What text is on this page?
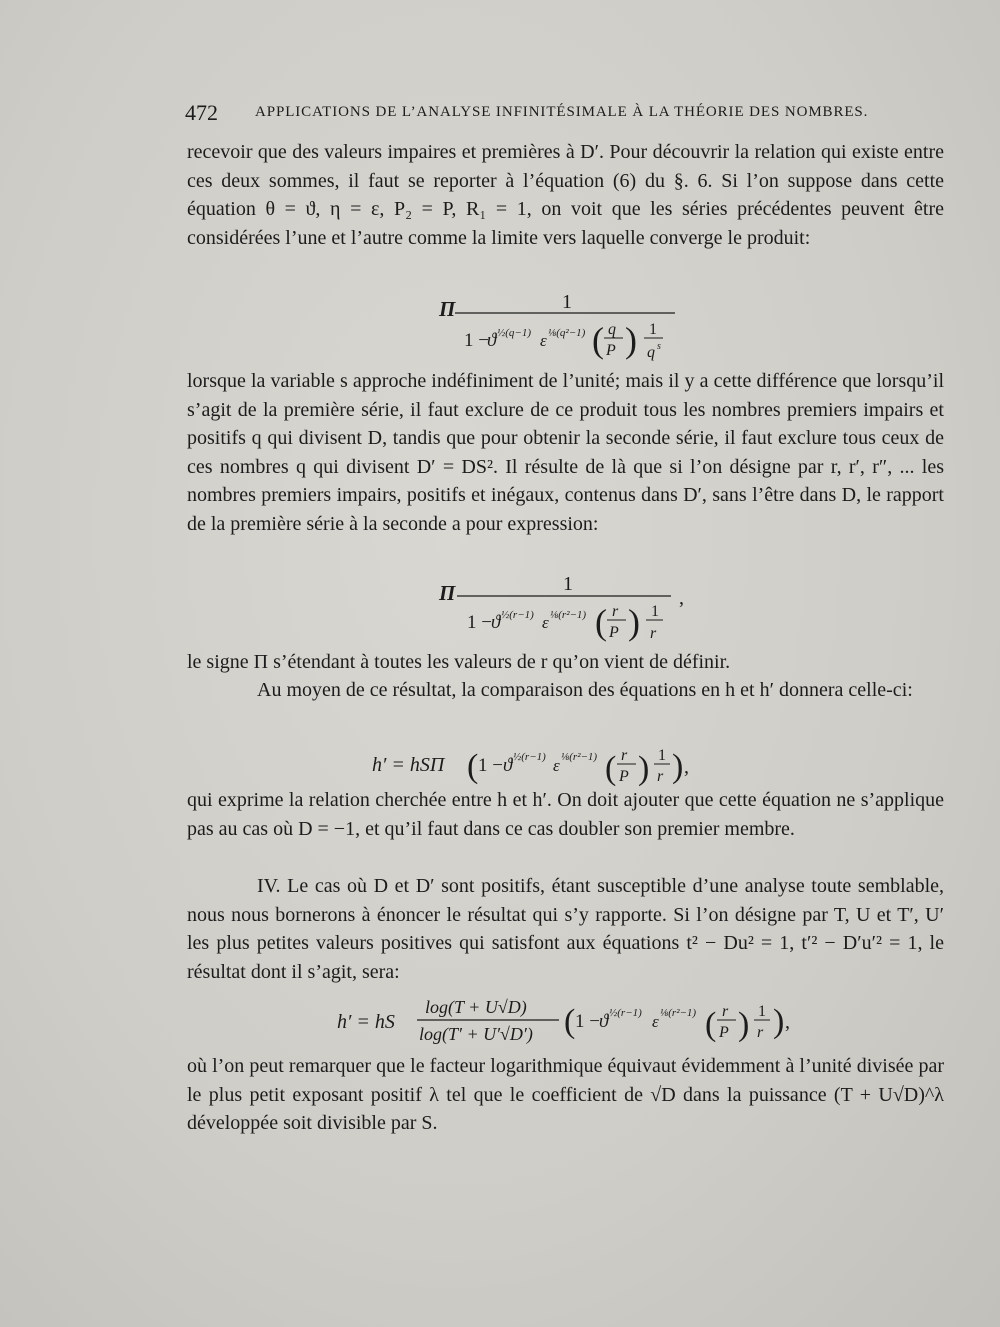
472 APPLICATIONS DE L’ANALYSE INFINITÉSIMALE À LA THÉORIE DES NOMBRES.

recevoir que des valeurs impaires et premières à D′. Pour découvrir la relation qui existe entre ces deux sommes, il faut se reporter à l’équation (6) du §. 6. Si l’on suppose dans cette équation θ = ϑ, η = ε, P₂ = P, R₁ = 1, on voit que les séries précédentes peuvent être considérées l’une et l’autre comme la limite vers laquelle converge le produit:

Π	1
1 −
ϑ ½(q−1) ε ⅛(q²−1) ( q
P ) 1
q s

lorsque la variable s approche indéfiniment de l’unité; mais il y a cette différence que lorsqu’il s’agit de la première série, il faut exclure de ce produit tous les nombres premiers impairs et positifs q qui divisent D, tandis que pour obtenir la seconde série, il faut exclure tous ceux de ces nombres q qui divisent D′ = DS². Il résulte de là que si l’on désigne par r, r′, r″, ... les nombres premiers impairs, positifs et inégaux, contenus dans D′, sans l’être dans D, le rapport de la première série à la seconde a pour expression:

Π	1
1 − ϑ ½(r−1) ε ⅛(r²−1) ( r
P ) 1
r
,

le signe Π s’étendant à toutes les valeurs de r qu’on vient de définir.

Au moyen de ce résultat, la comparaison des équations en h et h′ donnera celle-ci:

h′ = hSΠ ( 1 − ϑ ½(r−1) ε ⅛(r²−1) ( r
P ) 1
r ) ,

qui exprime la relation cherchée entre h et h′. On doit ajouter que cette équation ne s’applique pas au cas où D = −1, et qu’il faut dans ce cas doubler son premier membre.

IV. Le cas où D et D′ sont positifs, étant susceptible d’une analyse toute semblable, nous nous bornerons à énoncer le résultat qui s’y rapporte. Si l’on désigne par T, U et T′, U′ les plus petites valeurs positives qui satisfont aux équations t² − Du² = 1, t′² − D′u′² = 1, le résultat dont il s’agit, sera:

h′ = hS
log(T + U√D)
log(T′ + U′√D′) ( 1 − ϑ ½(r−1) ε ⅛(r²−1) ( r
P ) 1
r ) ,

où l’on peut remarquer que le facteur logarithmique équivaut évidemment à l’unité divisée par le plus petit exposant positif λ tel que le coefficient de √D dans la puissance (T + U√D)^λ développée soit divisible par S.
